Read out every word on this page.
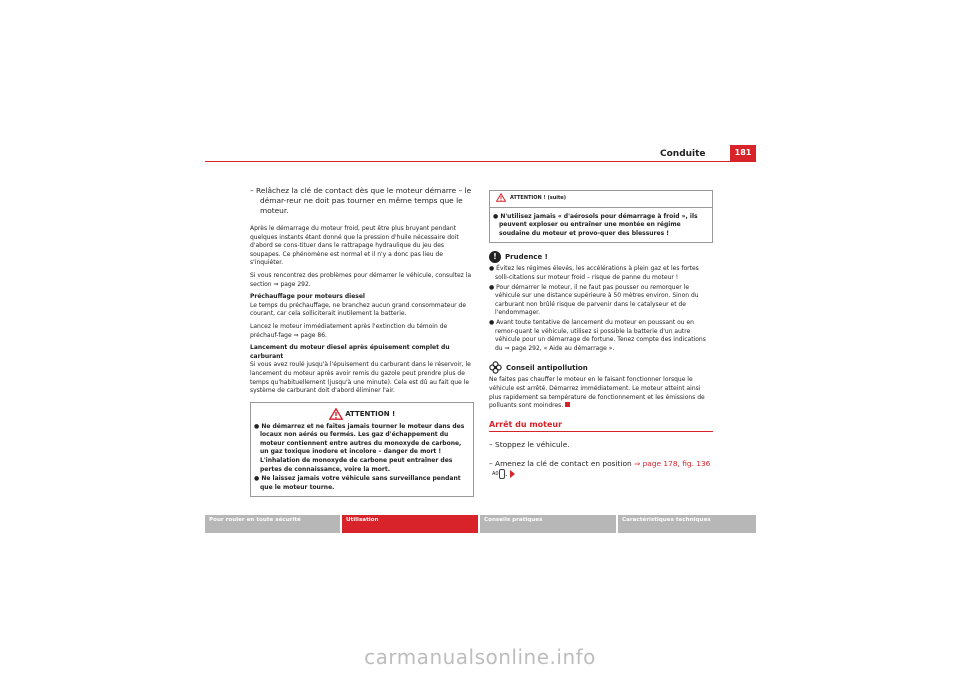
Conduite	181

– Relâchez la clé de contact dès que le moteur démarre – le démar-reur ne doit pas tourner en même temps que le moteur.

Après le démarrage du moteur froid, peut être plus bruyant pendant quelques instants étant donné que la pression d'huile nécessaire doit d'abord se cons-tituer dans le rattrapage hydraulique du jeu des soupapes. Ce phénomène est normal et il n'y a donc pas lieu de s'inquiéter.

Si vous rencontrez des problèmes pour démarrer le véhicule, consultez la section ⇒ page 292.

Préchauffage pour moteurs diesel

Le temps du préchauffage, ne branchez aucun grand consommateur de courant, car cela solliciterait inutilement la batterie.

Lancez le moteur immédiatement après l'extinction du témoin de préchauf-fage ⇒ page 86.

Lancement du moteur diesel après épuisement complet du carburant

Si vous avez roulé jusqu'à l'épuisement du carburant dans le réservoir, le lancement du moteur après avoir remis du gazole peut prendre plus de temps qu'habituellement (jusqu'à une minute). Cela est dû au fait que le système de carburant doit d'abord éliminer l'air.

ATTENTION !

● Ne démarrez et ne faites jamais tourner le moteur dans des locaux non aérés ou fermés. Les gaz d'échappement du moteur contiennent entre autres du monoxyde de carbone, un gaz toxique inodore et incolore – danger de mort ! L'inhalation de monoxyde de carbone peut entraîner des pertes de connaissance, voire la mort.

● Ne laissez jamais votre véhicule sans surveillance pendant que le moteur tourne.

ATTENTION ! (suite)

● N'utilisez jamais « d'aérosols pour démarrage à froid », ils peuvent exploser ou entraîner une montée en régime soudaine du moteur et provo-quer des blessures !

!	Prudence !

● Évitez les régimes élevés, les accélérations à plein gaz et les fortes solli-citations sur moteur froid – risque de panne du moteur !

● Pour démarrer le moteur, il ne faut pas pousser ou remorquer le véhicule sur une distance supérieure à 50 mètres environ. Sinon du carburant non brûlé risque de parvenir dans le catalyseur et de l'endommager.

● Avant toute tentative de lancement du moteur en poussant ou en remor-quant le véhicule, utilisez si possible la batterie d'un autre véhicule pour un démarrage de fortune. Tenez compte des indications du ⇒ page 292, « Aide au démarrage ».

Conseil antipollution

Ne faites pas chauffer le moteur en le faisant fonctionner lorsque le véhicule est arrêté. Démarrez immédiatement. Le moteur atteint ainsi plus rapidement sa température de fonctionnement et les émissions de polluants sont moindres.

Arrêt du moteur

– Stoppez le véhicule.

– Amenez la clé de contact en position ⇒ page 178, fig. 136 A0 .

Pour rouler en toute sécurité	Utilisation	Conseils pratiques	Caractéristiques techniques
carmanualsonline.info
